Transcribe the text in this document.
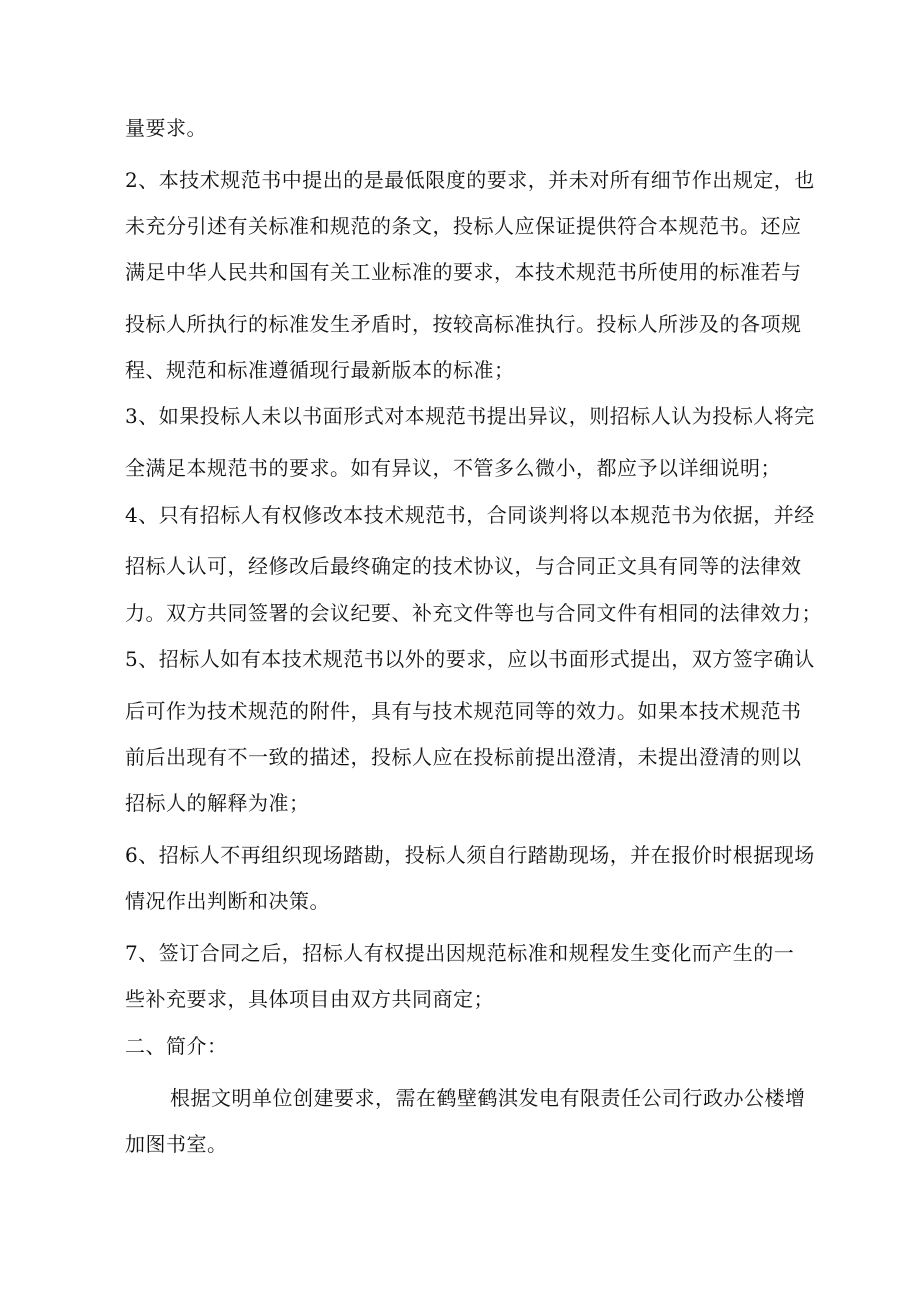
量要求。
2、本技术规范书中提出的是最低限度的要求，并未对所有细节作出规定，也
未充分引述有关标准和规范的条文，投标人应保证提供符合本规范书。还应
满足中华人民共和国有关工业标准的要求，本技术规范书所使用的标准若与
投标人所执行的标准发生矛盾时，按较高标准执行。投标人所涉及的各项规
程、规范和标准遵循现行最新版本的标准；
3、如果投标人未以书面形式对本规范书提出异议，则招标人认为投标人将完
全满足本规范书的要求。如有异议，不管多么微小，都应予以详细说明；
4、只有招标人有权修改本技术规范书，合同谈判将以本规范书为依据，并经
招标人认可，经修改后最终确定的技术协议，与合同正文具有同等的法律效
力。双方共同签署的会议纪要、补充文件等也与合同文件有相同的法律效力；
5、招标人如有本技术规范书以外的要求，应以书面形式提出，双方签字确认
后可作为技术规范的附件，具有与技术规范同等的效力。如果本技术规范书
前后出现有不一致的描述，投标人应在投标前提出澄清，未提出澄清的则以
招标人的解释为准；
6、招标人不再组织现场踏勘，投标人须自行踏勘现场，并在报价时根据现场
情况作出判断和决策。
7、签订合同之后，招标人有权提出因规范标准和规程发生变化而产生的一
些补充要求，具体项目由双方共同商定；
二、简介：
根据文明单位创建要求，需在鹤壁鹤淇发电有限责任公司行政办公楼增
加图书室。
